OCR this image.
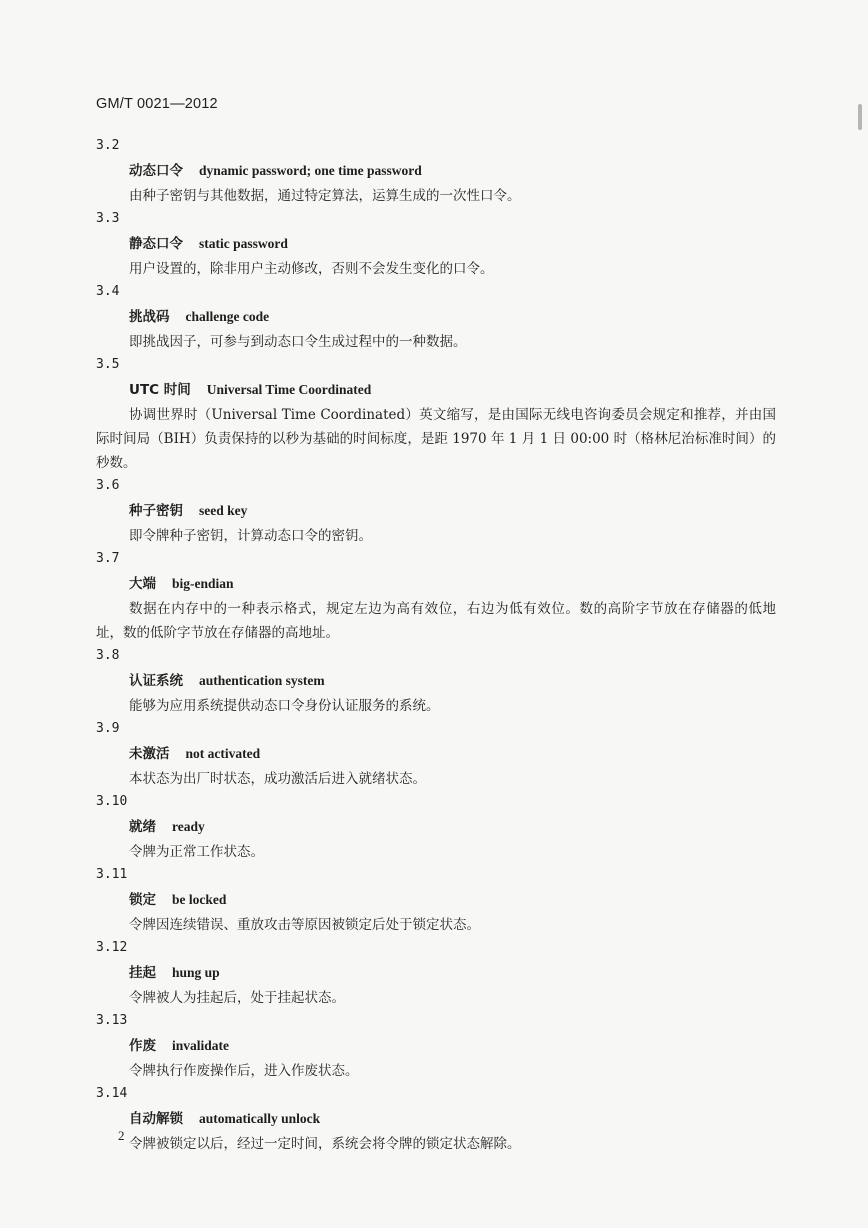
GM/T 0021—2012
3.2
动态口令 dynamic password; one time password
由种子密钥与其他数据，通过特定算法，运算生成的一次性口令。
3.3
静态口令 static password
用户设置的，除非用户主动修改，否则不会发生变化的口令。
3.4
挑战码 challenge code
即挑战因子，可参与到动态口令生成过程中的一种数据。
3.5
UTC 时间 Universal Time Coordinated
协调世界时（Universal Time Coordinated）英文缩写，是由国际无线电咨询委员会规定和推荐，并由国际时间局（BIH）负责保持的以秒为基础的时间标度，是距 1970 年 1 月 1 日 00:00 时（格林尼治标准时间）的秒数。
3.6
种子密钥 seed key
即令牌种子密钥，计算动态口令的密钥。
3.7
大端 big-endian
数据在内存中的一种表示格式，规定左边为高有效位，右边为低有效位。数的高阶字节放在存储器的低地址，数的低阶字节放在存储器的高地址。
3.8
认证系统 authentication system
能够为应用系统提供动态口令身份认证服务的系统。
3.9
未激活 not activated
本状态为出厂时状态，成功激活后进入就绪状态。
3.10
就绪 ready
令牌为正常工作状态。
3.11
锁定 be locked
令牌因连续错误、重放攻击等原因被锁定后处于锁定状态。
3.12
挂起 hung up
令牌被人为挂起后，处于挂起状态。
3.13
作废 invalidate
令牌执行作废操作后，进入作废状态。
3.14
自动解锁 automatically unlock
令牌被锁定以后，经过一定时间，系统会将令牌的锁定状态解除。
2
